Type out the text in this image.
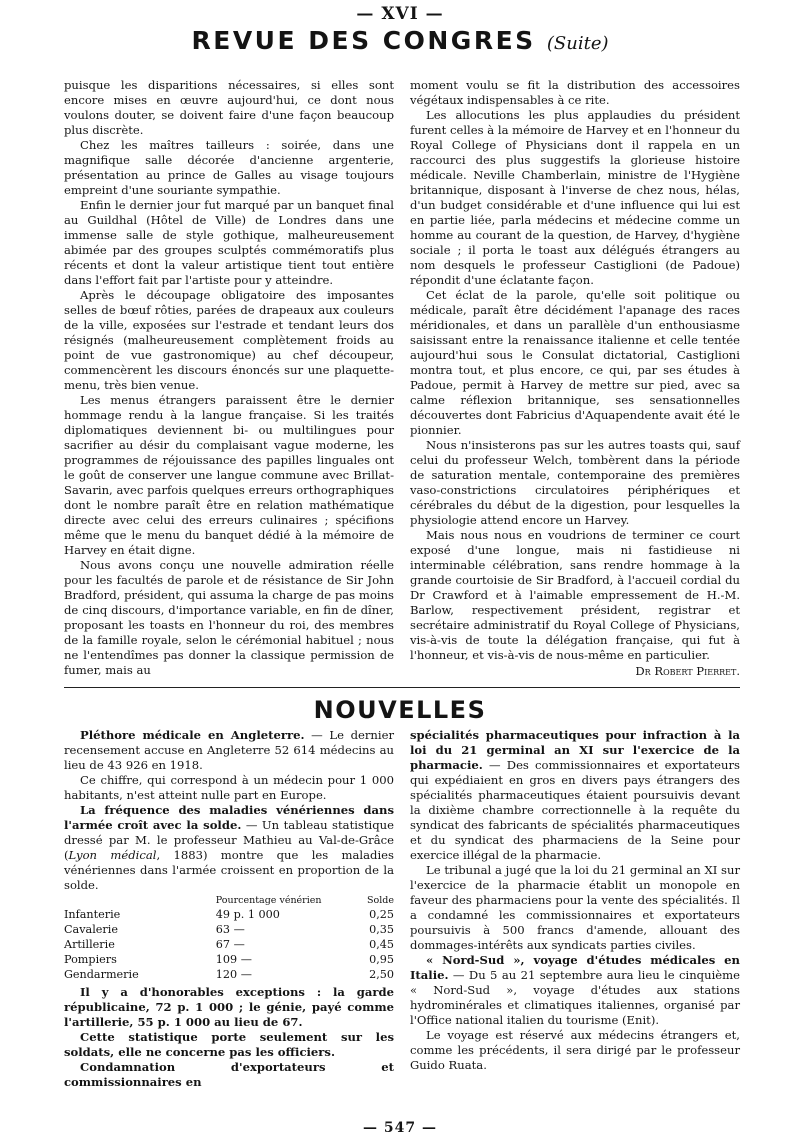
— XVI —
REVUE DES CONGRES (Suite)

puisque les disparitions nécessaires, si elles sont encore mises en œuvre aujourd'hui, ce dont nous voulons douter, se doivent faire d'une façon beaucoup plus discrète.

Chez les maîtres tailleurs : soirée, dans une magnifique salle décorée d'ancienne argenterie, présentation au prince de Galles au visage toujours empreint d'une souriante sympathie.

Enfin le dernier jour fut marqué par un banquet final au Guildhal (Hôtel de Ville) de Londres dans une immense salle de style gothique, malheureusement abimée par des groupes sculptés commémoratifs plus récents et dont la valeur artistique tient tout entière dans l'effort fait par l'artiste pour y atteindre.

Après le découpage obligatoire des imposantes selles de bœuf rôties, parées de drapeaux aux couleurs de la ville, exposées sur l'estrade et tendant leurs dos résignés (malheureusement complètement froids au point de vue gastronomique) au chef découpeur, commencèrent les discours énoncés sur une plaquette-menu, très bien venue.

Les menus étrangers paraissent être le dernier hommage rendu à la langue française. Si les traités diplomatiques deviennent bi- ou multilingues pour sacrifier au désir du complaisant vague moderne, les programmes de réjouissance des papilles linguales ont le goût de conserver une langue commune avec Brillat-Savarin, avec parfois quelques erreurs orthographiques dont le nombre paraît être en relation mathématique directe avec celui des erreurs culinaires ; spécifions même que le menu du banquet dédié à la mémoire de Harvey en était digne.

Nous avons conçu une nouvelle admiration réelle pour les facultés de parole et de résistance de Sir John Bradford, président, qui assuma la charge de pas moins de cinq discours, d'importance variable, en fin de dîner, proposant les toasts en l'honneur du roi, des membres de la famille royale, selon le cérémonial habituel ; nous ne l'entendîmes pas donner la classique permission de fumer, mais au

moment voulu se fit la distribution des accessoires végétaux indispensables à ce rite.

Les allocutions les plus applaudies du président furent celles à la mémoire de Harvey et en l'honneur du Royal College of Physicians dont il rappela en un raccourci des plus suggestifs la glorieuse histoire médicale. Neville Chamberlain, ministre de l'Hygiène britannique, disposant à l'inverse de chez nous, hélas, d'un budget considérable et d'une influence qui lui est en partie liée, parla médecins et médecine comme un homme au courant de la question, de Harvey, d'hygiène sociale ; il porta le toast aux délégués étrangers au nom desquels le professeur Castiglioni (de Padoue) répondit d'une éclatante façon.

Cet éclat de la parole, qu'elle soit politique ou médicale, paraît être décidément l'apanage des races méridionales, et dans un parallèle d'un enthousiasme saisissant entre la renaissance italienne et celle tentée aujourd'hui sous le Consulat dictatorial, Castiglioni montra tout, et plus encore, ce qui, par ses études à Padoue, permit à Harvey de mettre sur pied, avec sa calme réflexion britannique, ses sensationnelles découvertes dont Fabricius d'Aquapendente avait été le pionnier.

Nous n'insisterons pas sur les autres toasts qui, sauf celui du professeur Welch, tombèrent dans la période de saturation mentale, contemporaine des premières vaso-constrictions circulatoires périphériques et cérébrales du début de la digestion, pour lesquelles la physiologie attend encore un Harvey.

Mais nous nous en voudrions de terminer ce court exposé d'une longue, mais ni fastidieuse ni interminable célébration, sans rendre hommage à la grande courtoisie de Sir Bradford, à l'accueil cordial du Dr Crawford et à l'aimable empressement de H.-M. Barlow, respectivement président, registrar et secrétaire administratif du Royal College of Physicians, vis-à-vis de toute la délégation française, qui fut à l'honneur, et vis-à-vis de nous-même en particulier.

Dr Robert Pierret.
NOUVELLES

Pléthore médicale en Angleterre. — Le dernier recensement accuse en Angleterre 52 614 médecins au lieu de 43 926 en 1918.

Ce chiffre, qui correspond à un médecin pour 1 000 habitants, n'est atteint nulle part en Europe.

La fréquence des maladies vénériennes dans l'armée croît avec la solde. — Un tableau statistique dressé par M. le professeur Mathieu au Val-de-Grâce (Lyon médical, 1883) montre que les maladies vénériennes dans l'armée croissent en proportion de la solde.

	Pourcentage vénérien	Solde
Infanterie	49 p. 1 000	0,25
Cavalerie	63 —	0,35
Artillerie	67 —	0,45
Pompiers	109 —	0,95
Gendarmerie	120 —	2,50

Il y a d'honorables exceptions : la garde républicaine, 72 p. 1 000 ; le génie, payé comme l'artillerie, 55 p. 1 000 au lieu de 67.

Cette statistique porte seulement sur les soldats, elle ne concerne pas les officiers.

Condamnation d'exportateurs et commissionnaires en

spécialités pharmaceutiques pour infraction à la loi du 21 germinal an XI sur l'exercice de la pharmacie. — Des commissionnaires et exportateurs qui expédiaient en gros en divers pays étrangers des spécialités pharmaceutiques étaient poursuivis devant la dixième chambre correctionnelle à la requête du syndicat des fabricants de spécialités pharmaceutiques et du syndicat des pharmaciens de la Seine pour exercice illégal de la pharmacie.

Le tribunal a jugé que la loi du 21 germinal an XI sur l'exercice de la pharmacie établit un monopole en faveur des pharmaciens pour la vente des spécialités. Il a condamné les commissionnaires et exportateurs poursuivis à 500 francs d'amende, allouant des dommages-intérêts aux syndicats parties civiles.

« Nord-Sud », voyage d'études médicales en Italie. — Du 5 au 21 septembre aura lieu le cinquième « Nord-Sud », voyage d'études aux stations hydrominérales et climatiques italiennes, organisé par l'Office national italien du tourisme (Enit).

Le voyage est réservé aux médecins étrangers et, comme les précédents, il sera dirigé par le professeur Guido Ruata.

— 547 —
